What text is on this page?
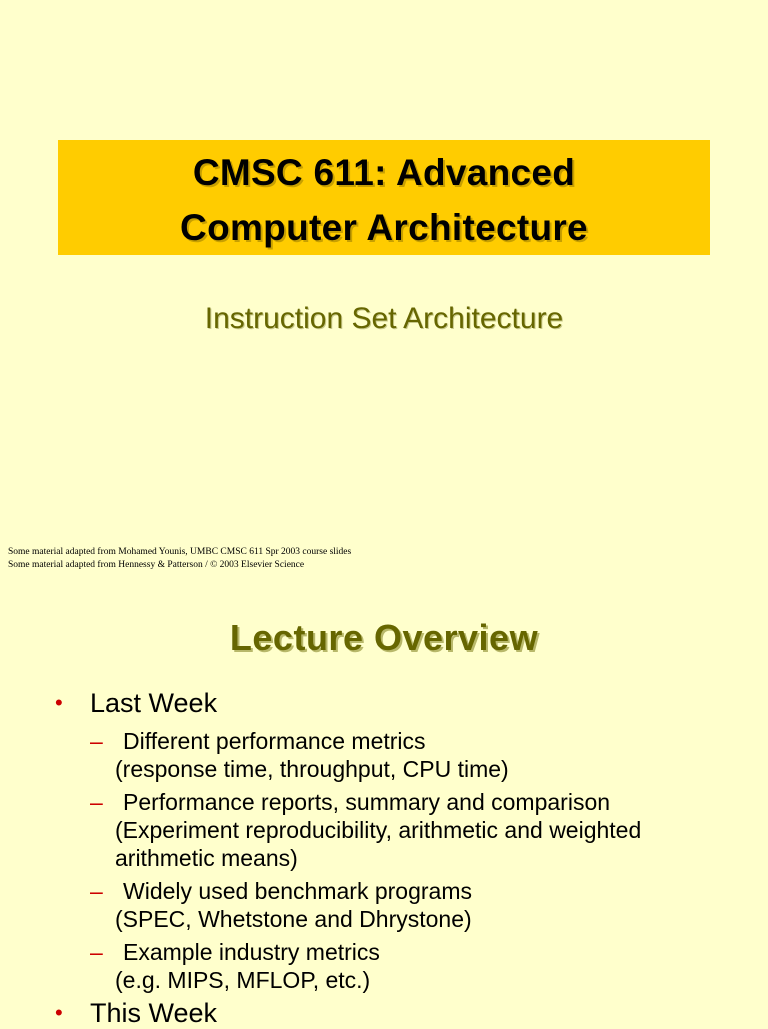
CMSC 611: Advanced
Computer Architecture
Instruction Set Architecture
Some material adapted from Mohamed Younis, UMBC CMSC 611 Spr 2003 course slides
Some material adapted from Hennessy & Patterson / © 2003 Elsevier Science
Lecture Overview
• Last Week
– Different performance metrics
(response time, throughput, CPU time)
– Performance reports, summary and comparison
(Experiment reproducibility, arithmetic and weighted
arithmetic means)
– Widely used benchmark programs
(SPEC, Whetstone and Dhrystone)
– Example industry metrics
(e.g. MIPS, MFLOP, etc.)
• This Week
